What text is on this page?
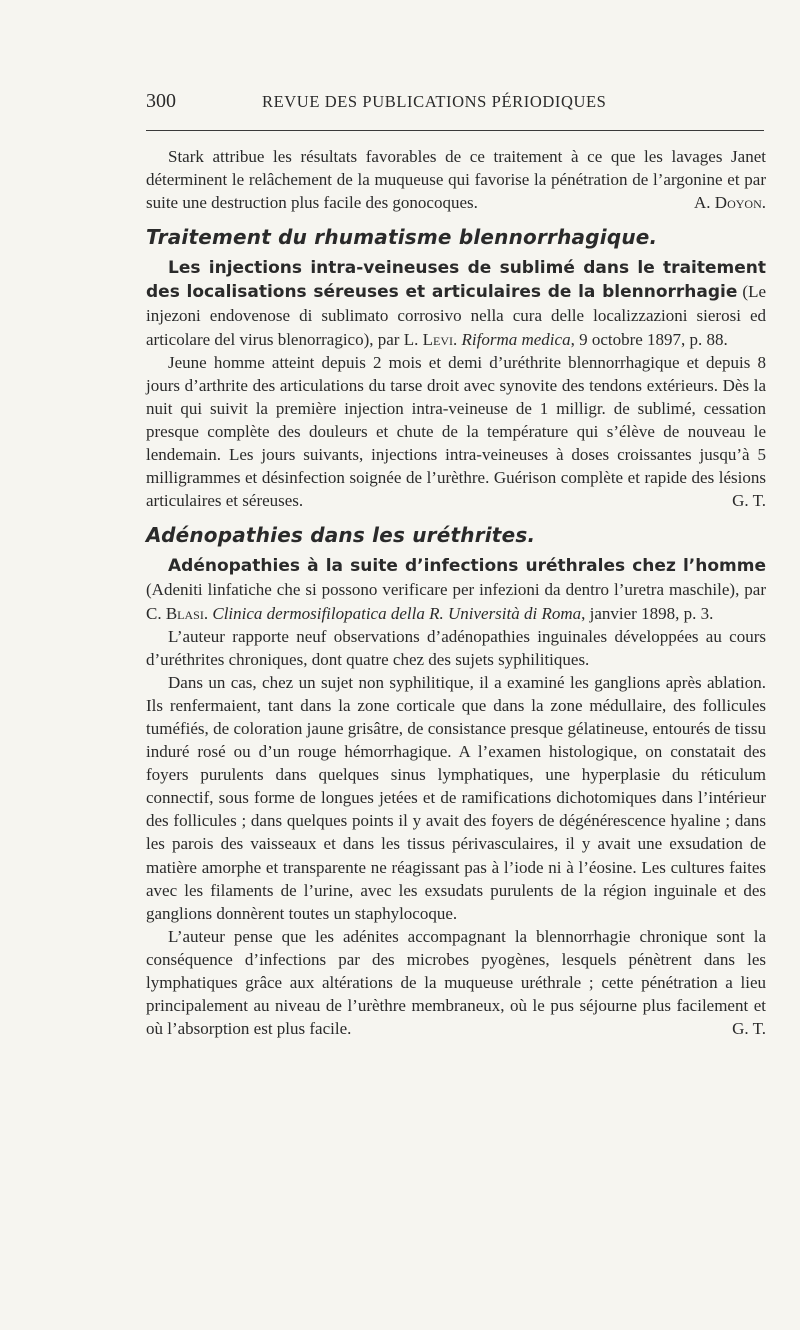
300	REVUE DES PUBLICATIONS PÉRIODIQUES

Stark attribue les résultats favorables de ce traitement à ce que les lavages Janet déterminent le relâchement de la muqueuse qui favorise la pénétration de l’argonine et par suite une destruction plus facile des gonocoques.	A. Doyon.

Traitement du rhumatisme blennorrhagique.

Les injections intra-veineuses de sublimé dans le traitement des localisations séreuses et articulaires de la blennorrhagie (Le injezoni endovenose di sublimato corrosivo nella cura delle localizzazioni sierosi ed articolare del virus blenorragico), par L. Levi. Riforma medica, 9 octobre 1897, p. 88.

Jeune homme atteint depuis 2 mois et demi d’uréthrite blennorrhagique et depuis 8 jours d’arthrite des articulations du tarse droit avec synovite des tendons extérieurs. Dès la nuit qui suivit la première injection intra-veineuse de 1 milligr. de sublimé, cessation presque complète des douleurs et chute de la température qui s’élève de nouveau le lendemain. Les jours suivants, injections intra-veineuses à doses croissantes jusqu’à 5 milligrammes et désinfection soignée de l’urèthre. Guérison complète et rapide des lésions articulaires et séreuses.	G. T.

Adénopathies dans les uréthrites.

Adénopathies à la suite d’infections uréthrales chez l’homme (Adeniti linfatiche che si possono verificare per infezioni da dentro l’uretra maschile), par C. Blasi. Clinica dermosifilopatica della R. Università di Roma, janvier 1898, p. 3.

L’auteur rapporte neuf observations d’adénopathies inguinales développées au cours d’uréthrites chroniques, dont quatre chez des sujets syphilitiques.

Dans un cas, chez un sujet non syphilitique, il a examiné les ganglions après ablation. Ils renfermaient, tant dans la zone corticale que dans la zone médullaire, des follicules tuméfiés, de coloration jaune grisâtre, de consistance presque gélatineuse, entourés de tissu induré rosé ou d’un rouge hémorrhagique. A l’examen histologique, on constatait des foyers purulents dans quelques sinus lymphatiques, une hyperplasie du réticulum connectif, sous forme de longues jetées et de ramifications dichotomiques dans l’intérieur des follicules ; dans quelques points il y avait des foyers de dégénérescence hyaline ; dans les parois des vaisseaux et dans les tissus périvasculaires, il y avait une exsudation de matière amorphe et transparente ne réagissant pas à l’iode ni à l’éosine. Les cultures faites avec les filaments de l’urine, avec les exsudats purulents de la région inguinale et des ganglions donnèrent toutes un staphylocoque.

L’auteur pense que les adénites accompagnant la blennorrhagie chronique sont la conséquence d’infections par des microbes pyogènes, lesquels pénètrent dans les lymphatiques grâce aux altérations de la muqueuse uréthrale ; cette pénétration a lieu principalement au niveau de l’urèthre membraneux, où le pus séjourne plus facilement et où l’absorption est plus facile.	G. T.
